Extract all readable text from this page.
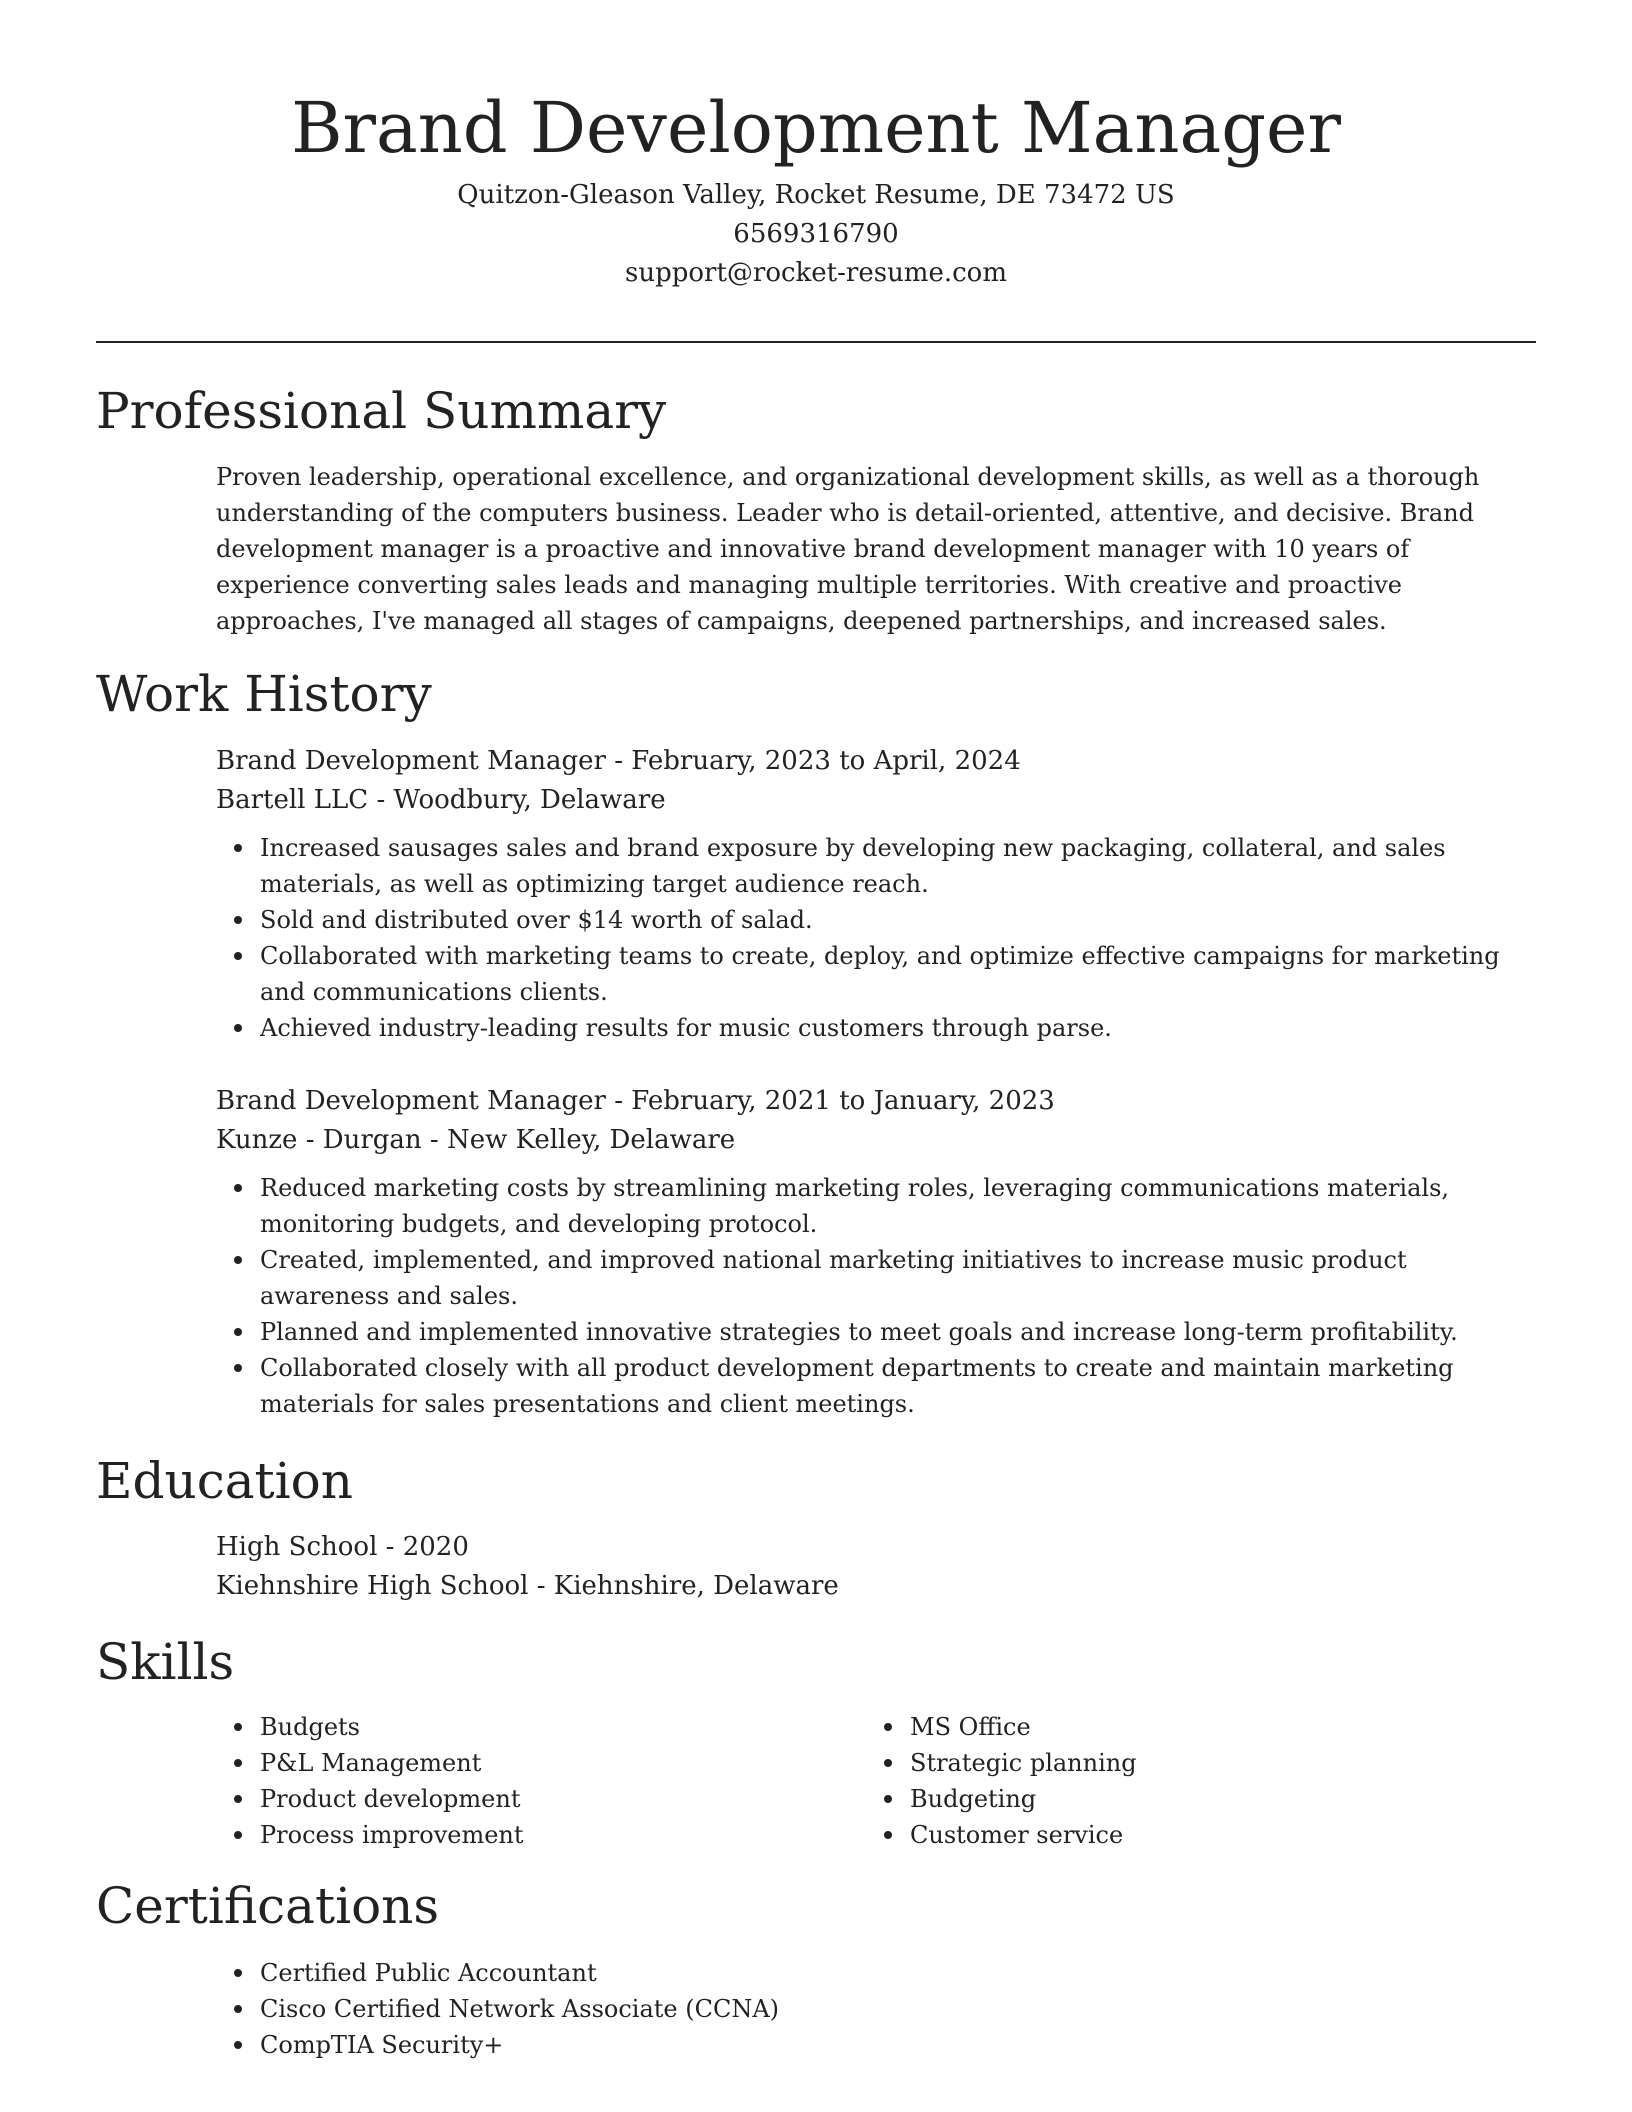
Brand Development Manager
Quitzon-Gleason Valley, Rocket Resume, DE 73472 US
6569316790
support@rocket-resume.com
Professional Summary

Proven leadership, operational excellence, and organizational development skills, as well as a thorough understanding of the computers business. Leader who is detail-oriented, attentive, and decisive. Brand development manager is a proactive and innovative brand development manager with 10 years of experience converting sales leads and managing multiple territories. With creative and proactive approaches, I've managed all stages of campaigns, deepened partnerships, and increased sales.

Work History
Brand Development Manager - February, 2023 to April, 2024
Bartell LLC - Woodbury, Delaware
Increased sausages sales and brand exposure by developing new packaging, collateral, and sales materials, as well as optimizing target audience reach.
Sold and distributed over $14 worth of salad.
Collaborated with marketing teams to create, deploy, and optimize effective campaigns for marketing and communications clients.
Achieved industry-leading results for music customers through parse.
Brand Development Manager - February, 2021 to January, 2023
Kunze - Durgan - New Kelley, Delaware
Reduced marketing costs by streamlining marketing roles, leveraging communications materials, monitoring budgets, and developing protocol.
Created, implemented, and improved national marketing initiatives to increase music product awareness and sales.
Planned and implemented innovative strategies to meet goals and increase long-term profitability.
Collaborated closely with all product development departments to create and maintain marketing materials for sales presentations and client meetings.
Education
High School - 2020
Kiehnshire High School - Kiehnshire, Delaware
Skills
Budgets
P&L Management
Product development
Process improvement
MS Office
Strategic planning
Budgeting
Customer service
Certifications
Certified Public Accountant
Cisco Certified Network Associate (CCNA)
CompTIA Security+
